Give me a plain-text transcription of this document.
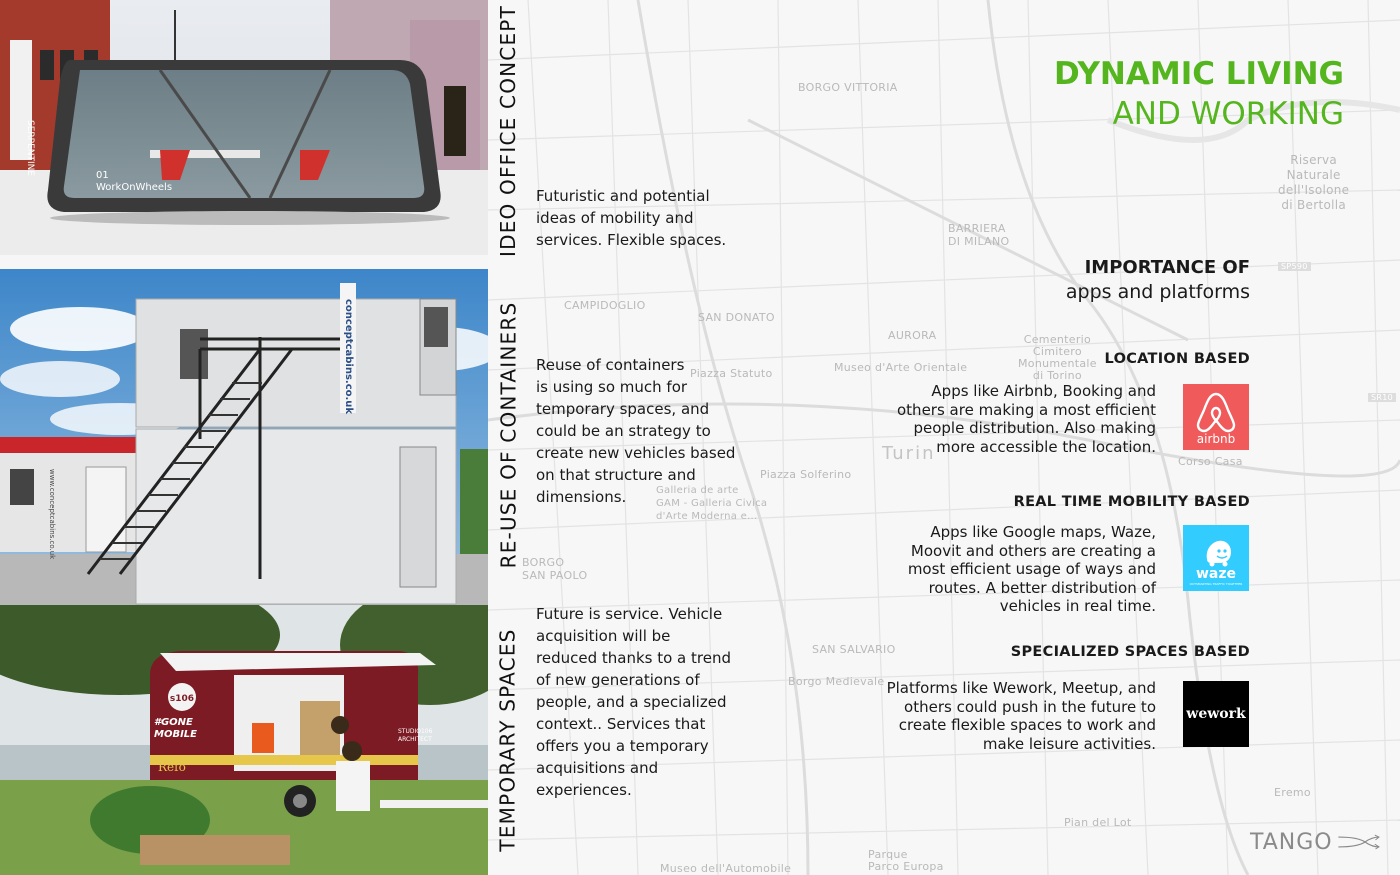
BORGO VITTORIA
BARRIERA
DI MILANO
Riserva
Naturale
dell'Isolone
di Bertolla
CAMPIDOGLIO
SAN DONATO
AURORA	Cementerio
Cimitero
Monumentale
di Torino
Museo d'Arte Orientale
Piazza Statuto
Turin
Piazza Solferino
Galleria de arte
GAM - Galleria Civica
d'Arte Moderna e...
BORGO
SAN PAOLO
SAN SALVARIO
Borgo Medievale
Eremo
Pian del Lot
Parque
Parco Europa
Museo dell'Automobile
Corso Casa
SP590
SR10
SERPENTINE	01
WorkOnWheels
conceptcabins.co.uk
www.conceptcabins.co.uk
s106
#GONE
MOBILE	STUDIO106
ARCHITECT
Refo
IDEO OFFICE CONCEPT
RE-USE OF CONTAINERS
TEMPORARY SPACES
Futuristic and potential
ideas of mobility and
services. Flexible spaces.
Reuse of containers
is using so much for
temporary spaces, and
could be an strategy to
create new vehicles based
on that structure and
dimensions.
Future is service. Vehicle
acquisition will be
reduced thanks to a trend
of new generations of
people, and a specialized
context.. Services that
offers you a temporary
acquisitions and
experiences.
DYNAMIC LIVING
AND WORKING
IMPORTANCE OF
apps and platforms
LOCATION BASED
Apps like Airbnb, Booking and
others are making a most efficient
people distribution. Also making
more accessible the location.	airbnb
REAL TIME MOBILITY BASED
Apps like Google maps, Waze,
Moovit and others are creating a
most efficient usage of ways and
routes. A better distribution of
vehicles in real time.
waze
OUTSMARTING TRAFFIC TOGETHER
SPECIALIZED SPACES BASED
Platforms like Wework, Meetup, and
others could push in the future to
create flexible spaces to work and
make leisure activities.
wework
TANGO
